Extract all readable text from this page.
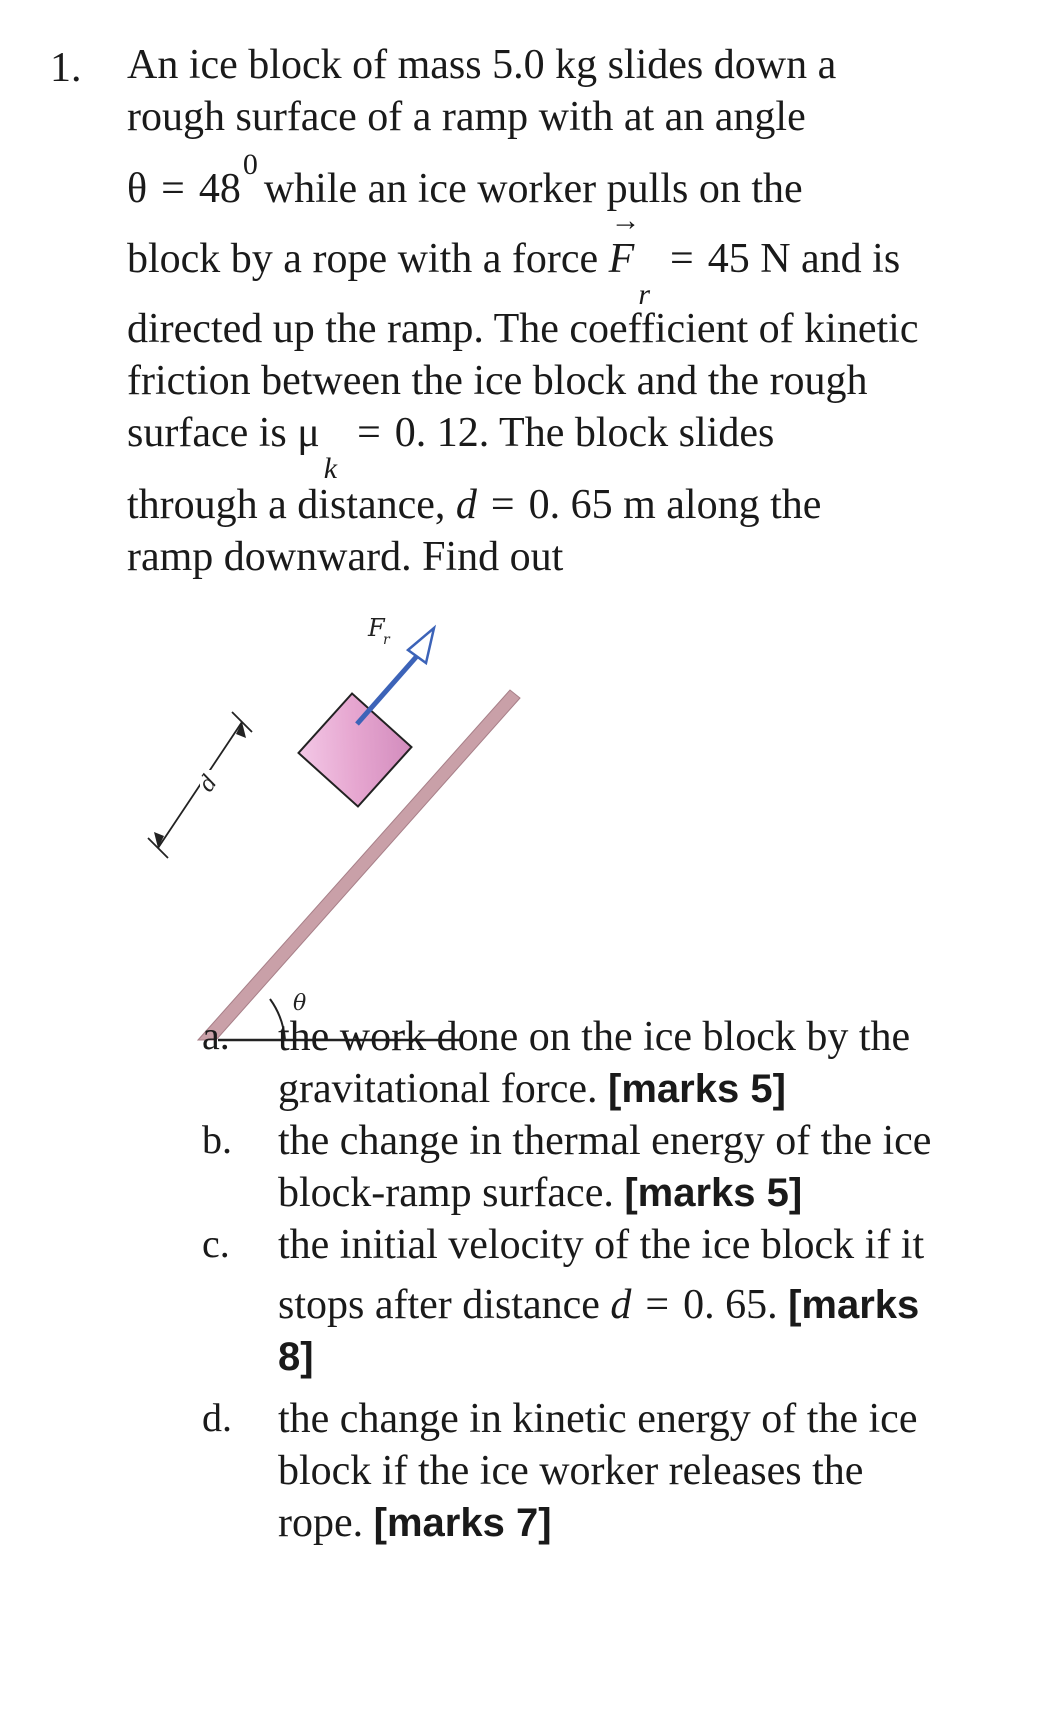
1. An ice block of mass 5.0 kg slides down a
rough surface of a ramp with at an angle
$\theta = 48^0while$ an ice worker pulls on the
block by a rope with a force
→
$F_r= 45$ N and is
directed up the ramp. The coefficient of kinetic
friction between the ice block and the rough
surface is $\mu_k= 0$. 12. The block slides
through a distance, d = 0. 65 m along the
ramp downward. Find out
θ
F
r
d
a. the work done on the ice block by the
gravitational force. [marks 5]
b. the change in thermal energy of the ice
block-ramp surface. [marks 5]
c. the initial velocity of the ice block if it
stops after distance d = 0. 65. [marks
8]
d. the change in kinetic energy of the ice
block if the ice worker releases the
rope. [marks 7]
